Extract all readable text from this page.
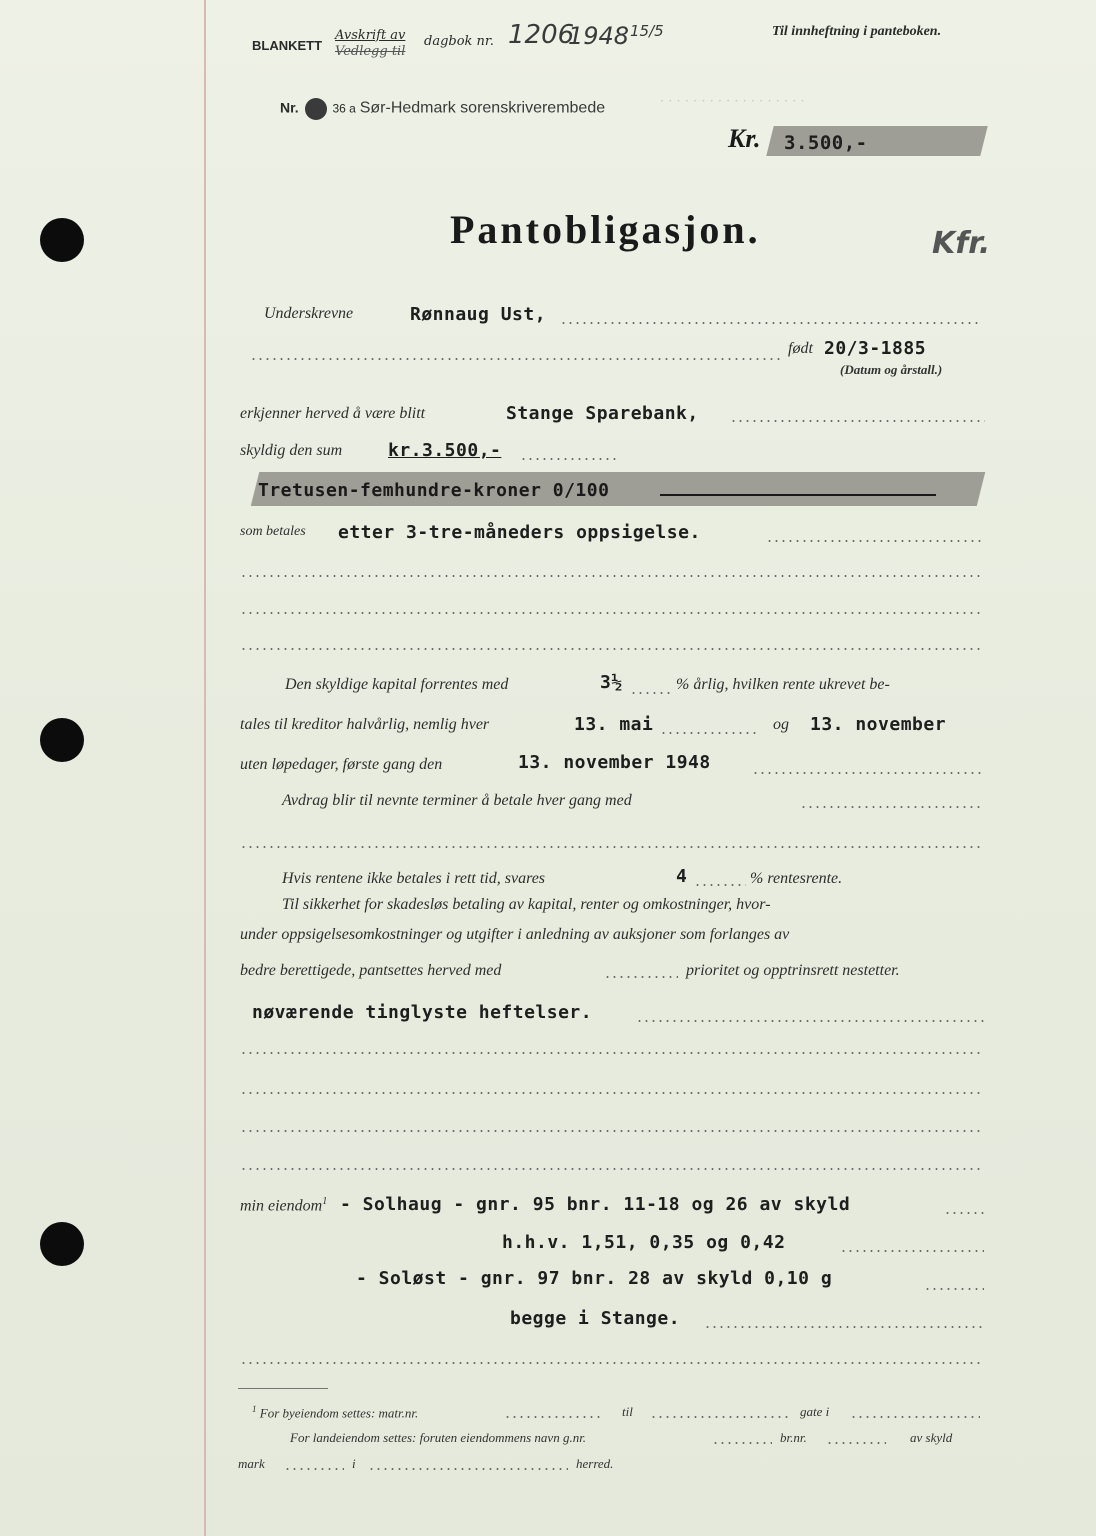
BLANKETT
Avskrift av
Vedlegg til
dagbok nr. 1206
1948 15/5	Til innheftning i panteboken.
Nr.	36 a Sør-Hedmark sorenskriverembede	· · · · · · · · · · · · · · · · · ·
Kr. 3.500,-
Pantobligasjon.	Kfr.
Underskrevne	Rønnaug Ust,
født 20/3-1885
(Datum og årstall.)
erkjenner herved å være blitt	Stange Sparebank,
skyldig den sum	kr.3.500,-
Tretusen-femhundre-kroner 0/100
som betales etter 3-tre-måneders oppsigelse.
Den skyldige kapital forrentes med	3½	% årlig, hvilken rente ukrevet be-
tales til kreditor halvårlig, nemlig hver	13. mai	og 13. november
uten løpedager, første gang den	13. november 1948
Avdrag blir til nevnte terminer å betale hver gang med
Hvis rentene ikke betales i rett tid, svares	4	% rentesrente.
Til sikkerhet for skadesløs betaling av kapital, renter og omkostninger, hvor-
under oppsigelsesomkostninger og utgifter i anledning av auksjoner som forlanges av
bedre berettigede, pantsettes herved med	prioritet og opptrinsrett nestetter.
nøværende tinglyste heftelser.
min eiendom$^1$ - Solhaug - gnr. 95 bnr. 11-18 og 26 av skyld
h.h.v. 1,51, 0,35 og 0,42
- Soløst - gnr. 97 bnr. 28 av skyld 0,10 g
begge i Stange.
$^1$ For byeiendom settes: matr.nr.	til	gate i
For landeiendom settes: foruten eiendommens navn g.nr.	br.nr.	av skyld
mark	i	herred.
